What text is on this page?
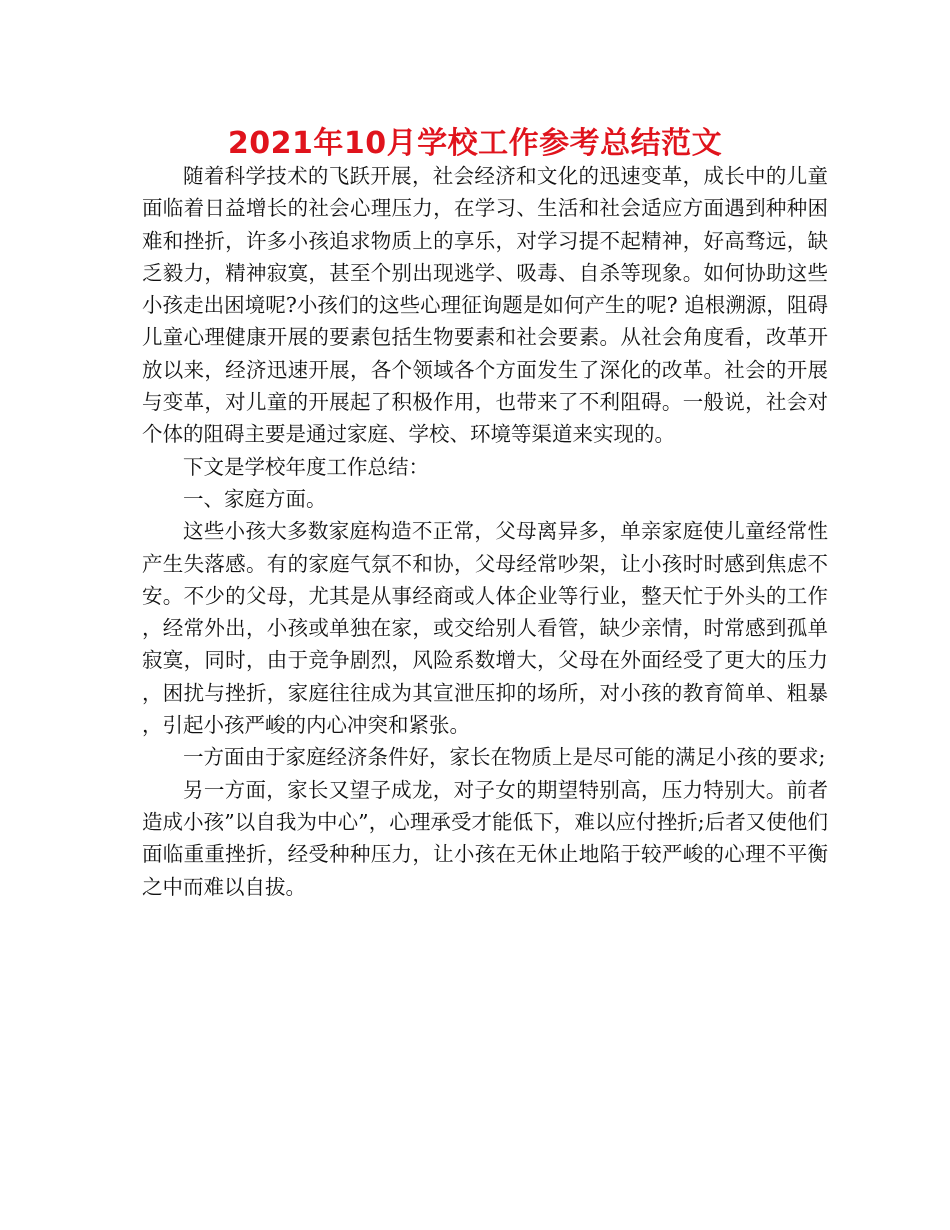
2021年10月学校工作参考总结范文

随着科学技术的飞跃开展，社会经济和文化的迅速变革，成长中的儿童面临着日益增长的社会心理压力，在学习、生活和社会适应方面遇到种种困难和挫折，许多小孩追求物质上的享乐，对学习提不起精神，好高骛远，缺乏毅力，精神寂寞，甚至个别出现逃学、吸毒、自杀等现象。如何协助这些小孩走出困境呢?小孩们的这些心理征询题是如何产生的呢? 追根溯源，阻碍儿童心理健康开展的要素包括生物要素和社会要素。从社会角度看，改革开放以来，经济迅速开展，各个领域各个方面发生了深化的改革。社会的开展与变革，对儿童的开展起了积极作用，也带来了不利阻碍。一般说，社会对个体的阻碍主要是通过家庭、学校、环境等渠道来实现的。

下文是学校年度工作总结：

一、家庭方面。

这些小孩大多数家庭构造不正常，父母离异多，单亲家庭使儿童经常性产生失落感。有的家庭气氛不和协，父母经常吵架，让小孩时时感到焦虑不安。不少的父母，尤其是从事经商或人体企业等行业，整天忙于外头的工作，经常外出，小孩或单独在家，或交给别人看管，缺少亲情，时常感到孤单寂寞，同时，由于竞争剧烈，风险系数增大，父母在外面经受了更大的压力，困扰与挫折，家庭往往成为其宣泄压抑的场所，对小孩的教育简单、粗暴，引起小孩严峻的内心冲突和紧张。

一方面由于家庭经济条件好，家长在物质上是尽可能的满足小孩的要求;

另一方面，家长又望子成龙，对子女的期望特别高，压力特别大。前者造成小孩”以自我为中心”，心理承受才能低下，难以应付挫折;后者又使他们面临重重挫折，经受种种压力，让小孩在无休止地陷于较严峻的心理不平衡之中而难以自拔。
